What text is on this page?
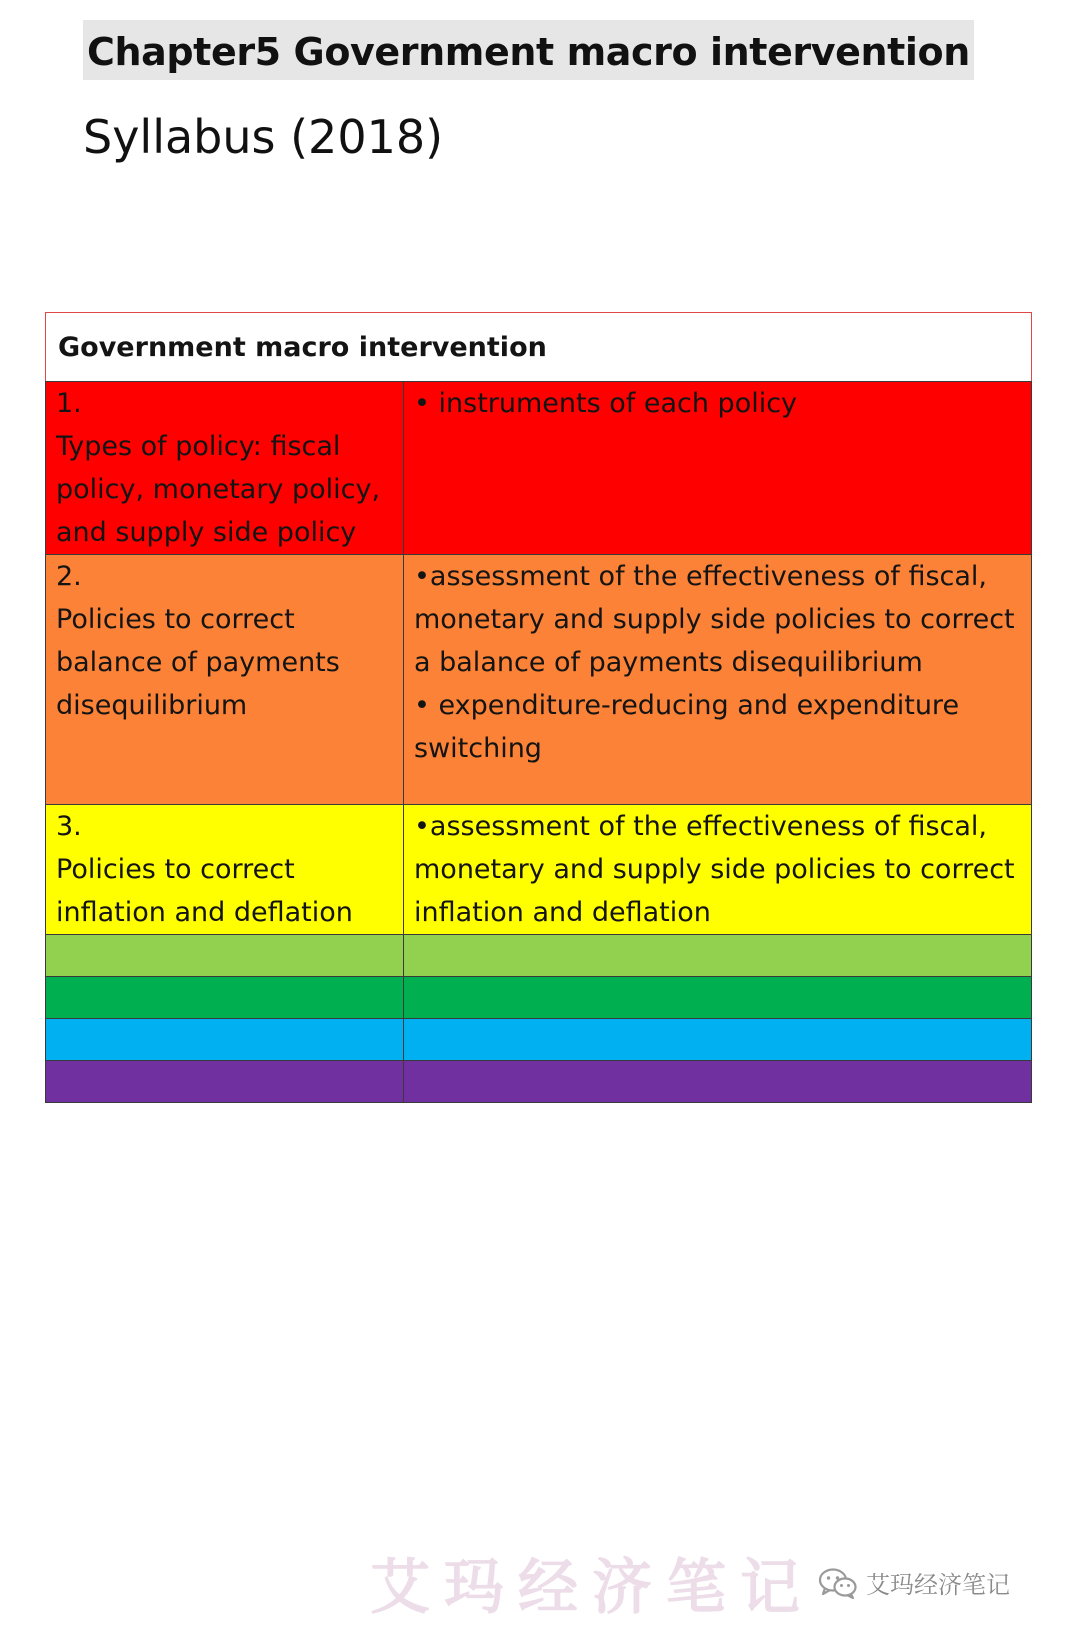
Chapter5 Government macro intervention
Syllabus (2018)
Government macro intervention	

1.
Types of policy: fiscal policy, monetary policy, and supply side policy	• instruments of each policy

2.
Policies to correct balance of payments disequilibrium	•assessment of the effectiveness of fiscal, monetary and supply side policies to correct a balance of payments disequilibrium
• expenditure-reducing and expenditure switching

3.
Policies to correct inflation and deflation	•assessment of the effectiveness of fiscal, monetary and supply side policies to correct inflation and deflation

艾玛经济笔记 艾玛经济笔记
